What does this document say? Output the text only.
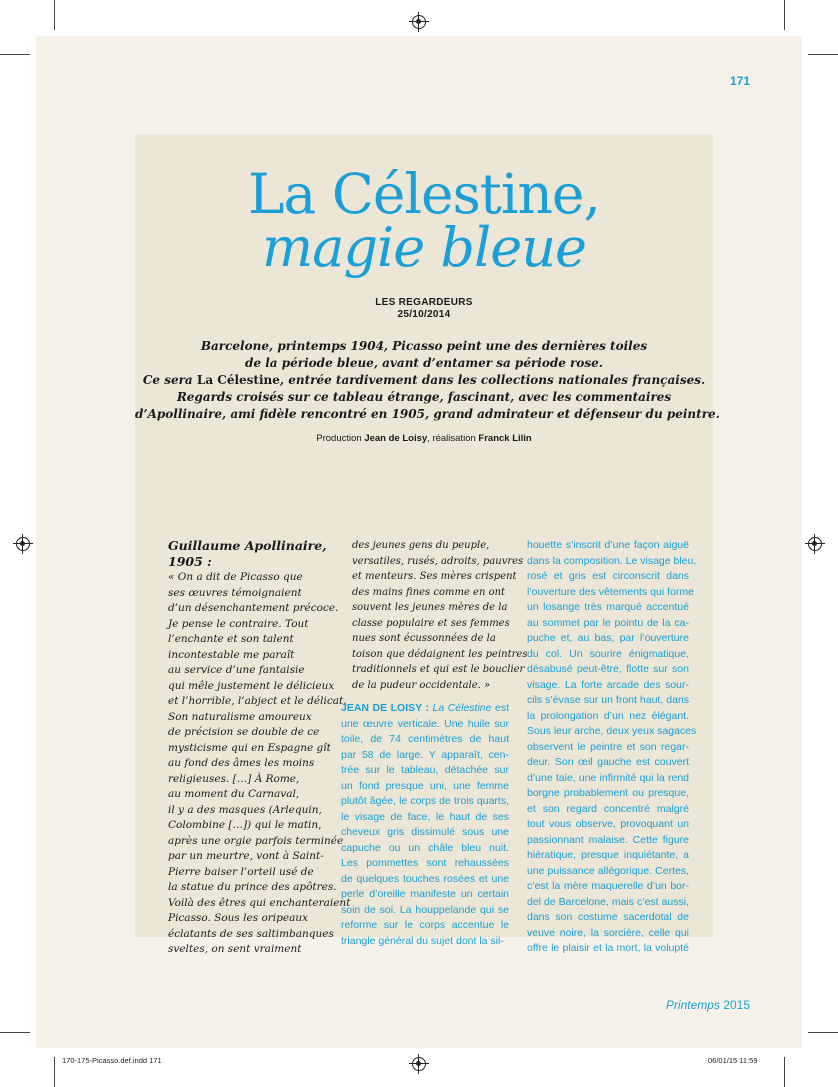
171
La Célestine,
magie bleue
LES REGARDEURS
25/10/2014
Barcelone, printemps 1904, Picasso peint une des dernières toiles
de la période bleue, avant d’entamer sa période rose.
Ce sera La Célestine, entrée tardivement dans les collections nationales françaises.
Regards croisés sur ce tableau étrange, fascinant, avec les commentaires
d’Apollinaire, ami fidèle rencontré en 1905, grand admirateur et défenseur du peintre.
Production Jean de Loisy, réalisation Franck Lilin
Guillaume Apollinaire,
1905 :
« On a dit de Picasso que
ses œuvres témoignaient
d’un désenchantement précoce.
Je pense le contraire. Tout
l’enchante et son talent
incontestable me paraît
au service d’une fantaisie
qui mêle justement le délicieux
et l’horrible, l’abject et le délicat.
Son naturalisme amoureux
de précision se double de ce
mysticisme qui en Espagne gît
au fond des âmes les moins
religieuses. […] À Rome,
au moment du Carnaval,
il y a des masques (Arlequin,
Colombine […]) qui le matin,
après une orgie parfois terminée
par un meurtre, vont à Saint-
Pierre baiser l’orteil usé de
la statue du prince des apôtres.
Voilà des êtres qui enchanteraient
Picasso. Sous les oripeaux
éclatants de ses saltimbanques
sveltes, on sent vraiment
des jeunes gens du peuple,
versatiles, rusés, adroits, pauvres
et menteurs. Ses mères crispent
des mains fines comme en ont
souvent les jeunes mères de la
classe populaire et ses femmes
nues sont écussonnées de la
toison que dédaignent les peintres
traditionnels et qui est le bouclier
de la pudeur occidentale. »
JEAN DE LOISY : La Célestine est
une œuvre verticale. Une huile sur
toile, de 74 centimètres de haut
par 58 de large. Y apparaît, cen-
trée sur le tableau, détachée sur
un fond presque uni, une femme
plutôt âgée, le corps de trois quarts,
le visage de face, le haut de ses
cheveux gris dissimulé sous une
capuche ou un châle bleu nuit.
Les pommettes sont rehaussées
de quelques touches rosées et une
perle d’oreille manifeste un certain
soin de soi. La houppelande qui se
reforme sur le corps accentue le
triangle général du sujet dont la sil-
houette s’inscrit d’une façon aiguë
dans la composition. Le visage bleu,
rosé et gris est circonscrit dans
l’ouverture des vêtements qui forme
un losange très marqué accentué
au sommet par le pointu de la ca-
puche et, au bas, par l’ouverture
du col. Un sourire énigmatique,
désabusé peut-être, flotte sur son
visage. La forte arcade des sour-
cils s’évase sur un front haut, dans
la prolongation d’un nez élégant.
Sous leur arche, deux yeux sagaces
observent le peintre et son regar-
deur. Son œil gauche est couvert
d’une taie, une infirmité qui la rend
borgne probablement ou presque,
et son regard concentré malgré
tout vous observe, provoquant un
passionnant malaise. Cette figure
hiératique, presque inquiétante, a
une puissance allégorique. Certes,
c’est la mère maquerelle d’un bor-
del de Barcelone, mais c’est aussi,
dans son costume sacerdotal de
veuve noire, la sorcière, celle qui
offre le plaisir et la mort, la volupté
Printemps 2015
170-175-Picasso.def.indd 171	06/01/15 11:59
